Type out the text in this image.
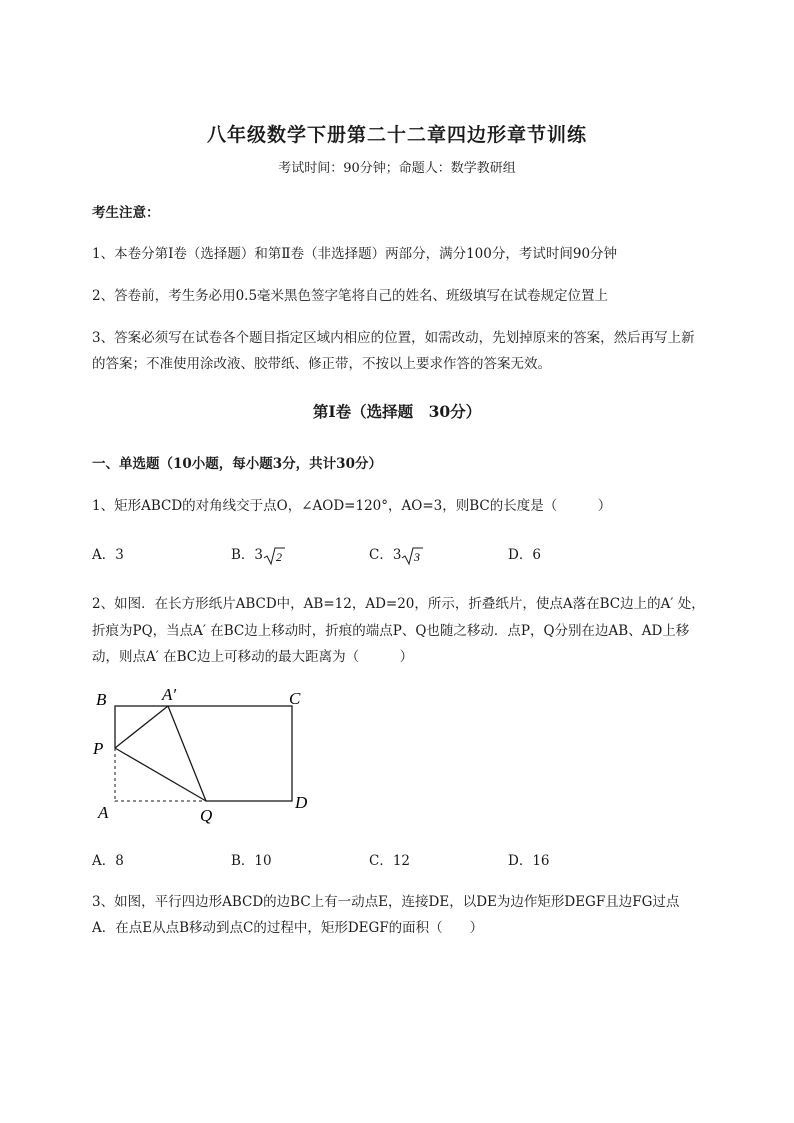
八年级数学下册第二十二章四边形章节训练
考试时间：90分钟；命题人：数学教研组
考生注意：
1、本卷分第I卷（选择题）和第Ⅱ卷（非选择题）两部分，满分100分，考试时间90分钟
2、答卷前，考生务必用0.5毫米黑色签字笔将自己的姓名、班级填写在试卷规定位置上
3、答案必须写在试卷各个题目指定区域内相应的位置，如需改动，先划掉原来的答案，然后再写上新
的答案；不准使用涂改液、胶带纸、修正带，不按以上要求作答的答案无效。
第I卷（选择题　30分）
一、单选题（10小题，每小题3分，共计30分）
1、矩形ABCD的对角线交于点O，∠AOD=120°，AO=3，则BC的长度是（　　　）
A．3	B．3 2	C．3 3	D．6
2、如图．在长方形纸片ABCD中，AB=12，AD=20，所示，折叠纸片，使点A落在BC边上的A′ 处，
折痕为PQ，当点A′ 在BC边上移动时，折痕的端点P、Q也随之移动．点P，Q分别在边AB、AD上移
动，则点A′ 在BC边上可移动的最大距离为（　　　）
B	A′	C
P
A	Q
D
A．8	B．10	C．12	D．16
3、如图，平行四边形ABCD的边BC上有一动点E，连接DE，以DE为边作矩形DEGF且边FG过点
A．在点E从点B移动到点C的过程中，矩形DEGF的面积（　　）
